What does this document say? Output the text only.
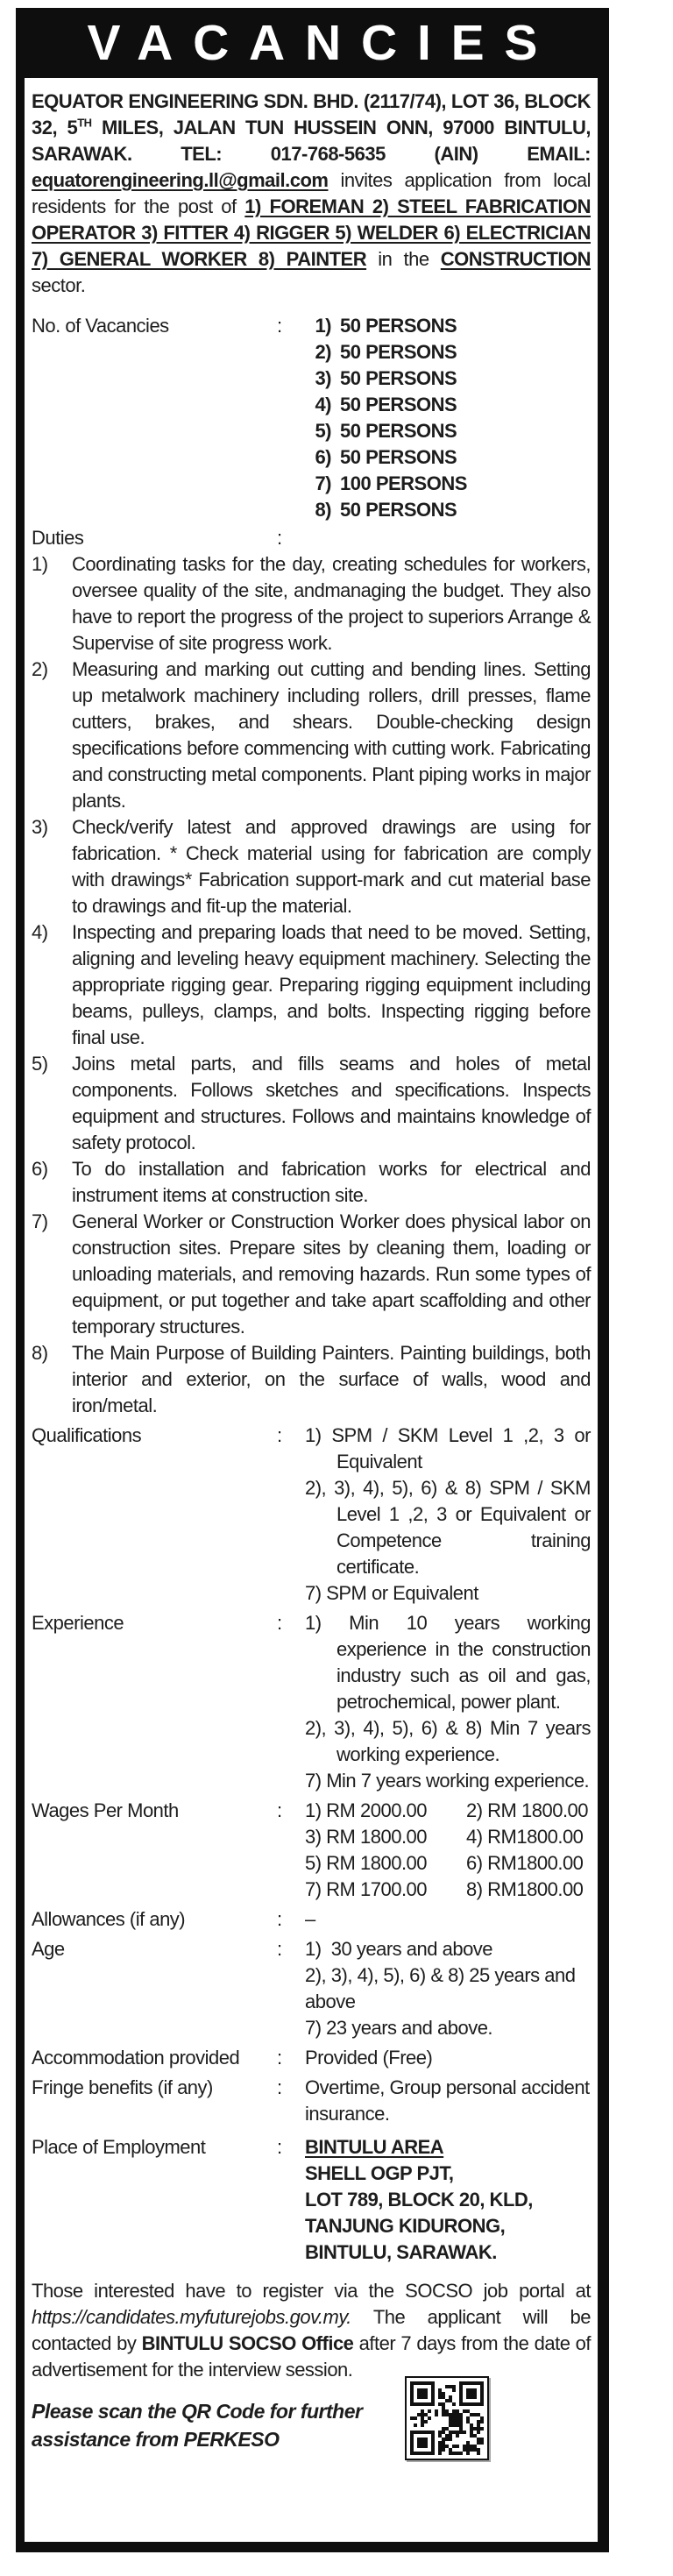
VACANCIES

EQUATOR ENGINEERING SDN. BHD. (2117/74), LOT 36, BLOCK 32, 5TH MILES, JALAN TUN HUSSEIN ONN, 97000 BINTULU, SARAWAK. TEL: 017-768-5635 (AIN) EMAIL: equatorengineering.ll@gmail.com invites application from local residents for the post of 1) FOREMAN 2) STEEL FABRICATION OPERATOR 3) FITTER 4) RIGGER 5) WELDER 6) ELECTRICIAN 7) GENERAL WORKER 8) PAINTER in the CONSTRUCTION sector.

No. of Vacancies	:	1) 50 PERSONS
2) 50 PERSONS
3) 50 PERSONS
4) 50 PERSONS
5) 50 PERSONS
6) 50 PERSONS
7) 100 PERSONS
8) 50 PERSONS
Duties	:
1)	Coordinating tasks for the day, creating schedules for workers, oversee quality of the site, andmanaging the budget. They also have to report the progress of the project to superiors Arrange & Supervise of site progress work.
2)	Measuring and marking out cutting and bending lines. Setting up metalwork machinery including rollers, drill presses, flame cutters, brakes, and shears. Double-checking design specifications before commencing with cutting work. Fabricating and constructing metal components. Plant piping works in major plants.
3)	Check/verify latest and approved drawings are using for fabrication. * Check material using for fabrication are comply with drawings* Fabrication support-mark and cut material base to drawings and fit-up the material.
4)	Inspecting and preparing loads that need to be moved. Setting, aligning and leveling heavy equipment machinery. Selecting the appropriate rigging gear. Preparing rigging equipment including beams, pulleys, clamps, and bolts. Inspecting rigging before final use.
5)	Joins metal parts, and fills seams and holes of metal components. Follows sketches and specifications. Inspects equipment and structures. Follows and maintains knowledge of safety protocol.
6)	To do installation and fabrication works for electrical and instrument items at construction site.
7)	General Worker or Construction Worker does physical labor on construction sites. Prepare sites by cleaning them, loading or unloading materials, and removing hazards. Run some types of equipment, or put together and take apart scaffolding and other temporary structures.
8)	The Main Purpose of Building Painters. Painting buildings, both interior and exterior, on the surface of walls, wood and iron/metal.
Qualifications	:	1) SPM / SKM Level 1 ,2, 3 or Equivalent
2), 3), 4), 5), 6) & 8) SPM / SKM Level 1 ,2, 3 or Equivalent or Competence training certificate.
7) SPM or Equivalent
Experience	:	1) Min 10 years working experience in the construction industry such as oil and gas, petrochemical, power plant.
2), 3), 4), 5), 6) & 8) Min 7 years working experience.
7) Min 7 years working experience.
Wages Per Month	:	1) RM 2000.00	2) RM 1800.00
3) RM 1800.00	4) RM1800.00
5) RM 1800.00	6) RM1800.00
7) RM 1700.00	8) RM1800.00
Allowances (if any)	:	–
Age	:	1)  30 years and above
2), 3), 4), 5), 6) & 8) 25 years and above
7) 23 years and above.
Accommodation provided	:	Provided (Free)
Fringe benefits (if any)	:	Overtime, Group personal accident insurance.
Place of Employment	:	BINTULU AREA
SHELL OGP PJT,
LOT 789, BLOCK 20, KLD,
TANJUNG KIDURONG,
BINTULU, SARAWAK.

Those interested have to register via the SOCSO job portal at https://candidates.myfuturejobs.gov.my. The applicant will be contacted by BINTULU SOCSO Office after 7 days from the date of advertisement for the interview session.

Please scan the QR Code for further assistance from PERKESO
